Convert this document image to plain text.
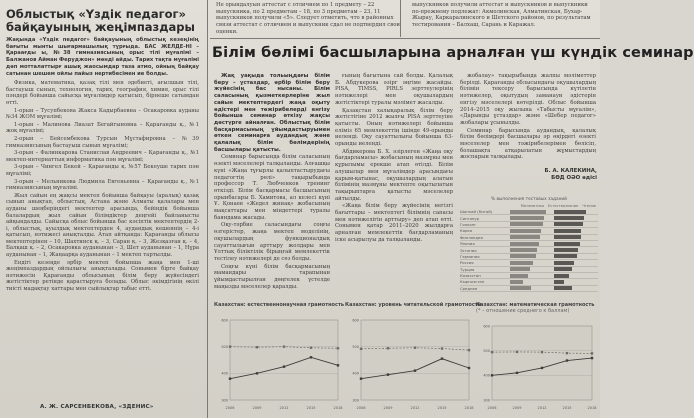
Облыстық «Үздік педагог» байқауының жеңімпаздары
Жақында «Үздік педагог» байқауының облыстық кезеңінің бағыты мынты шығармашылық тұрғыда. БАС ЖЕЛДЕ-НІ – Қараағды ы, №38 гимназиясының орыс тілі мұғалімі – Балжанов Айман Феруджон» мәнді айды. Тарих тақта мұғалімі дәп мотталаттырғ ашық жаосымдар таза атмо, ойның байқау сатынан шешем ойлы пайыз нертибесімен ие болды.

Физика, математика, қазақ тілі мен әдебиеті, ағылшын тілі, бастауыш сынып, технология, тарих, география, химия, орыс тілі пәндері бойынша сайысқа мұғалімдер қатысып, бірнеше сатымдан өтті.

1-орын – Тусупбекова Жакса Кадырбаевна – Осакаровка ауданы №34 ЖОМ мұғалімі;

1-орын – Малинова Лиазат Бегайгыновна – Қарағанды қ., №1 жоқ мұғалімі;

2-орын – Бейсембекова Турсын Мұстафировна – №39 гимназиясының бастауыш сынып мұғалімі;

3-орын – Фалинкарова Станислав Андреевич – Қарағанды қ., №1 мектеп-интернаттың информатика пән мұғалімі;

3-орын – Чингел Бекей – Қарағанды қ. №57 Бекеуше тарих пән мұғалімі;

3-орын – Мельникова Людмила Евгеньевна – Қарағанды қ., №1 гимназиясының мұғалімі.

Жыл сайын ең жақсы мектеп бойынша байқауы (аралық) қазақ сынып анықтап, облыстың, Астана және Алматы қалалары мен ауданы шеңберіндегі мектептер арасында, бейіндік бойынша балалардың жыл сайын білімдіктер деңгейі байланысты айқындалды. Сайысқа облыс бойынша бас кәсіптік мектептердің 2-і, облыстық, ауылдық мектептерден 4, аудандық кешеннің – 4-і қатысып, нәтижесі анықталды. Атап айтқанда: Қарағанды облысы мектептерінен – 10, Шахтинск қ. – 3, Саран қ. – 3, Жезқазған қ. – 4, Балқаш қ. – 2, Осакаровка ауданынан – 3, Шет ауданынан – 1, Нұра ауданынан – 1, Жаңаарқа ауданынан – 1 мектеп тартылды.

Ендігі кезеңде әрбір мектеп бойынша жаңа мен 1-ші жеңімпаздардың ойлылығы анықталады. Сонымен бірге байқау нәтижесін Қарағанды облысының білім беру жүйесіндегі жетістіктер ретінде қарастыруға болады. Облыс әкімдігінің өкілі тиісті мадақтау хаттары мен сыйлықтар табыс етті.

А. Ж. САРСЕНБЕКОВА, «ЗДЕНИС»
Не орындалуын аттестат с отличием по 1 предмету – 22 выпускника, по 2 предметам – 18, по 3 предметам – 23, 11 выпускников получили «5». Следует отметить, что в районных связи аттестат с отличием и выпускник сдал не подтвердил свои оценки.
выпускников получили аттестат и выпускников и выпускники по-прежнему подлежат: Акмолинская, Алматинская, Бухар-Жырау, Каркаралинского и Шетского районов, по результатам тестирования – Балхаш, Сарань и Каражал.
Білім бөлімі басшыларына арналған үш күндік семинар

Жақ уақыда тольыңдағы білім беру – ұстаздар, әрбір білім беру жүйесінің бас нысаны. Білім саласының қызметкерлеріне жыл сайын мектептердегі жаңа оқыту әдістері мен тәжірибелерді енгізу бойынша семинар өткізу жақсы дәстүрге айналған. Облыстық білім басқармасының ұйымдастыруымен өткен семинарға аудандық және қалалық білім бөлімдерінің басшылары қатысты.

Семинар барысында білім саласының өзекті мәселелері талқыланды. Алғашқы күні «Жаңа тұғырлы қалыптастырудағы педагогтің рөлі» тақырыбында профессор Т. Любченков тренинг өткізді. Білім басқармасы басшысының орынбасары Б. Хамитова, ал келесі күні Ұ. Қонаев «Жедел жинақ» жобасының мақсаттары мен міндеттері туралы баяндама жасады.

Оқу-тәрбие саласындағы соңғы өзгерістер, жаңа мектеп моделінің, оқушылардың функционалдық сауаттылығын арттыру жолдары мен Ұлттық біліктілік бірыңғай мемлекеттік тестілеу нәтижелері де сөз болды.

Соңғы күні білім басқармасының мамандары тарапынан ұйымдастырылған дөңгелек үстелде маңызды мәселелер қаралды.

ғының бағытына сай болды. Қалалық Б. Абдукерова әзірг әңгіме жасайды. PISA, TIMSS, PIRLS зерттеулерінің нәтижелері мен оқушылардың жетістіктері туралы мәлімет жасалды.

Қазақстан халықаралық білім беру жетістігіне 2012 жылғы PISA зерттеуіне қатысты. Оның нәтижелері бойынша еліміз 65 мемлекеттің ішінде 49-орынды иеленді. Оқу сауаттылығы бойынша 63-орынды иеленді.

Абдикерова Б. Х. әзірлеген «Жаңа оқу бағдарламасы» жобасының мазмұны мен құрылымы ерекше атап өтілді. Білім алушылар мен мұғалімдер арасындағы қарым-қатынас, оқушылардың алатын білімінің мазмұны мектепте оқытылатын тақырыптарға қатысты мәселелер айтылды.

«Жаңа білім беру жүйесінің негізгі бағыттары – мектептегі білімнің сапасы мен нәтижелігін арттыру» деп атап өтті. Сонымен қатар 2011–2020 жылдарға арналған мемлекеттік бағдарламаның іске асырылуы да талқыланды.

жобалау» тақырыбында жалпы мәліметтер берілді. Қарағанды облысындағы оқушылардың білімін тексеру барысында күтілетін нәтижелер, оқытудың заманауи әдістерін енгізу мәселелері көтерілді. Облыс бойынша 2014–2015 оқу жылына «Табысты мұғалім», «Дарынды ұстаздар» және «Шебер педагог» жобалары ұсынылды.

Семинар барысында аудандық, қалалық білім бөлімдері басшылары әр өңірдегі өзекті мәселелер мен тәжірибелерімен бөлісіп, болашақта атқарылатын жұмыстардың жоспарын талқылады.

Б. А. КАЛЕКИНА,
БӨД ОӘО әдісі
% выполнения тестовых заданий
Математика Естествознание Чтение
Шанхай (Китай)
Сингапур
Гонконг
Корея
Финляндия
Япония
Эстония
Германия
Россия
Турция
Казахстан
Кыргызстан
Среднее
Казахстан: естественнонаучная грамотность
300
400
500
600
2006	2009	2012	2015	2018
Казахстан: уровень читательской грамотности
300
400
500
600
2006	2009	2012	2015	2018
Казахстан: математическая грамотность
(* – отношение среднего к баллам)
300
400
500
600
2006	2009	2012	2015	2018
